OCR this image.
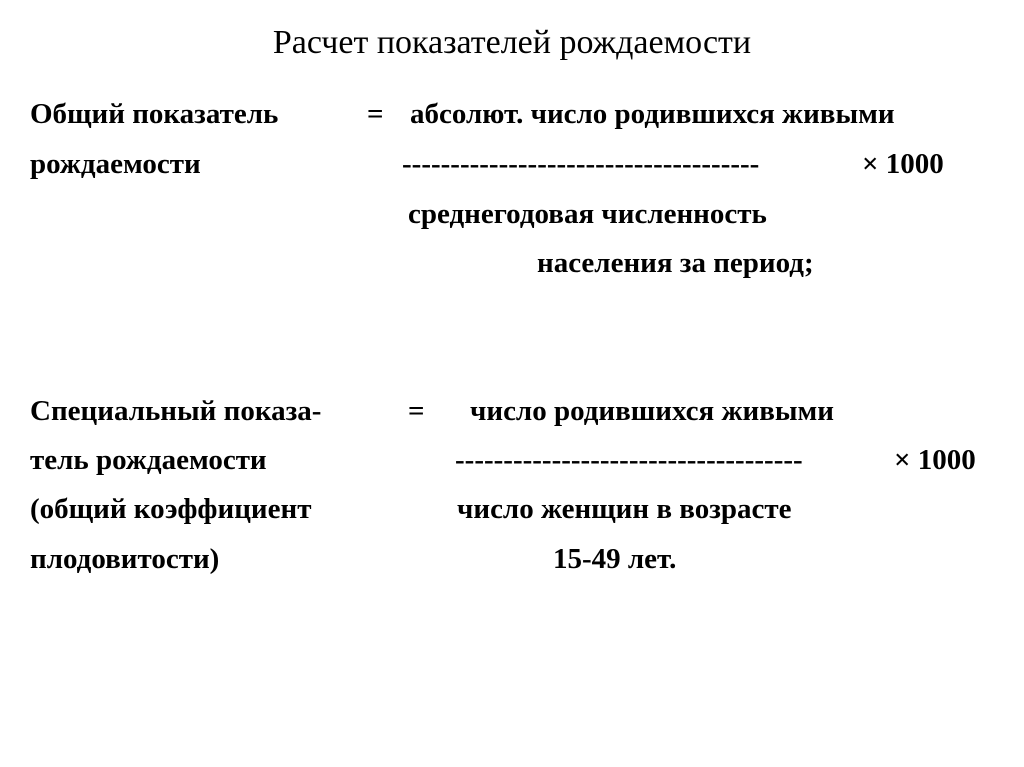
Расчет показателей рождаемости
Общий показатель	= абсолют. число родившихся живыми
рождаемости	-------------------------------------	× 1000
среднегодовая численность
населения за период;
Специальный показа-	= число родившихся живыми
тель рождаемости	------------------------------------	× 1000
(общий коэффициент	число женщин в возрасте
плодовитости)	15-49 лет.
